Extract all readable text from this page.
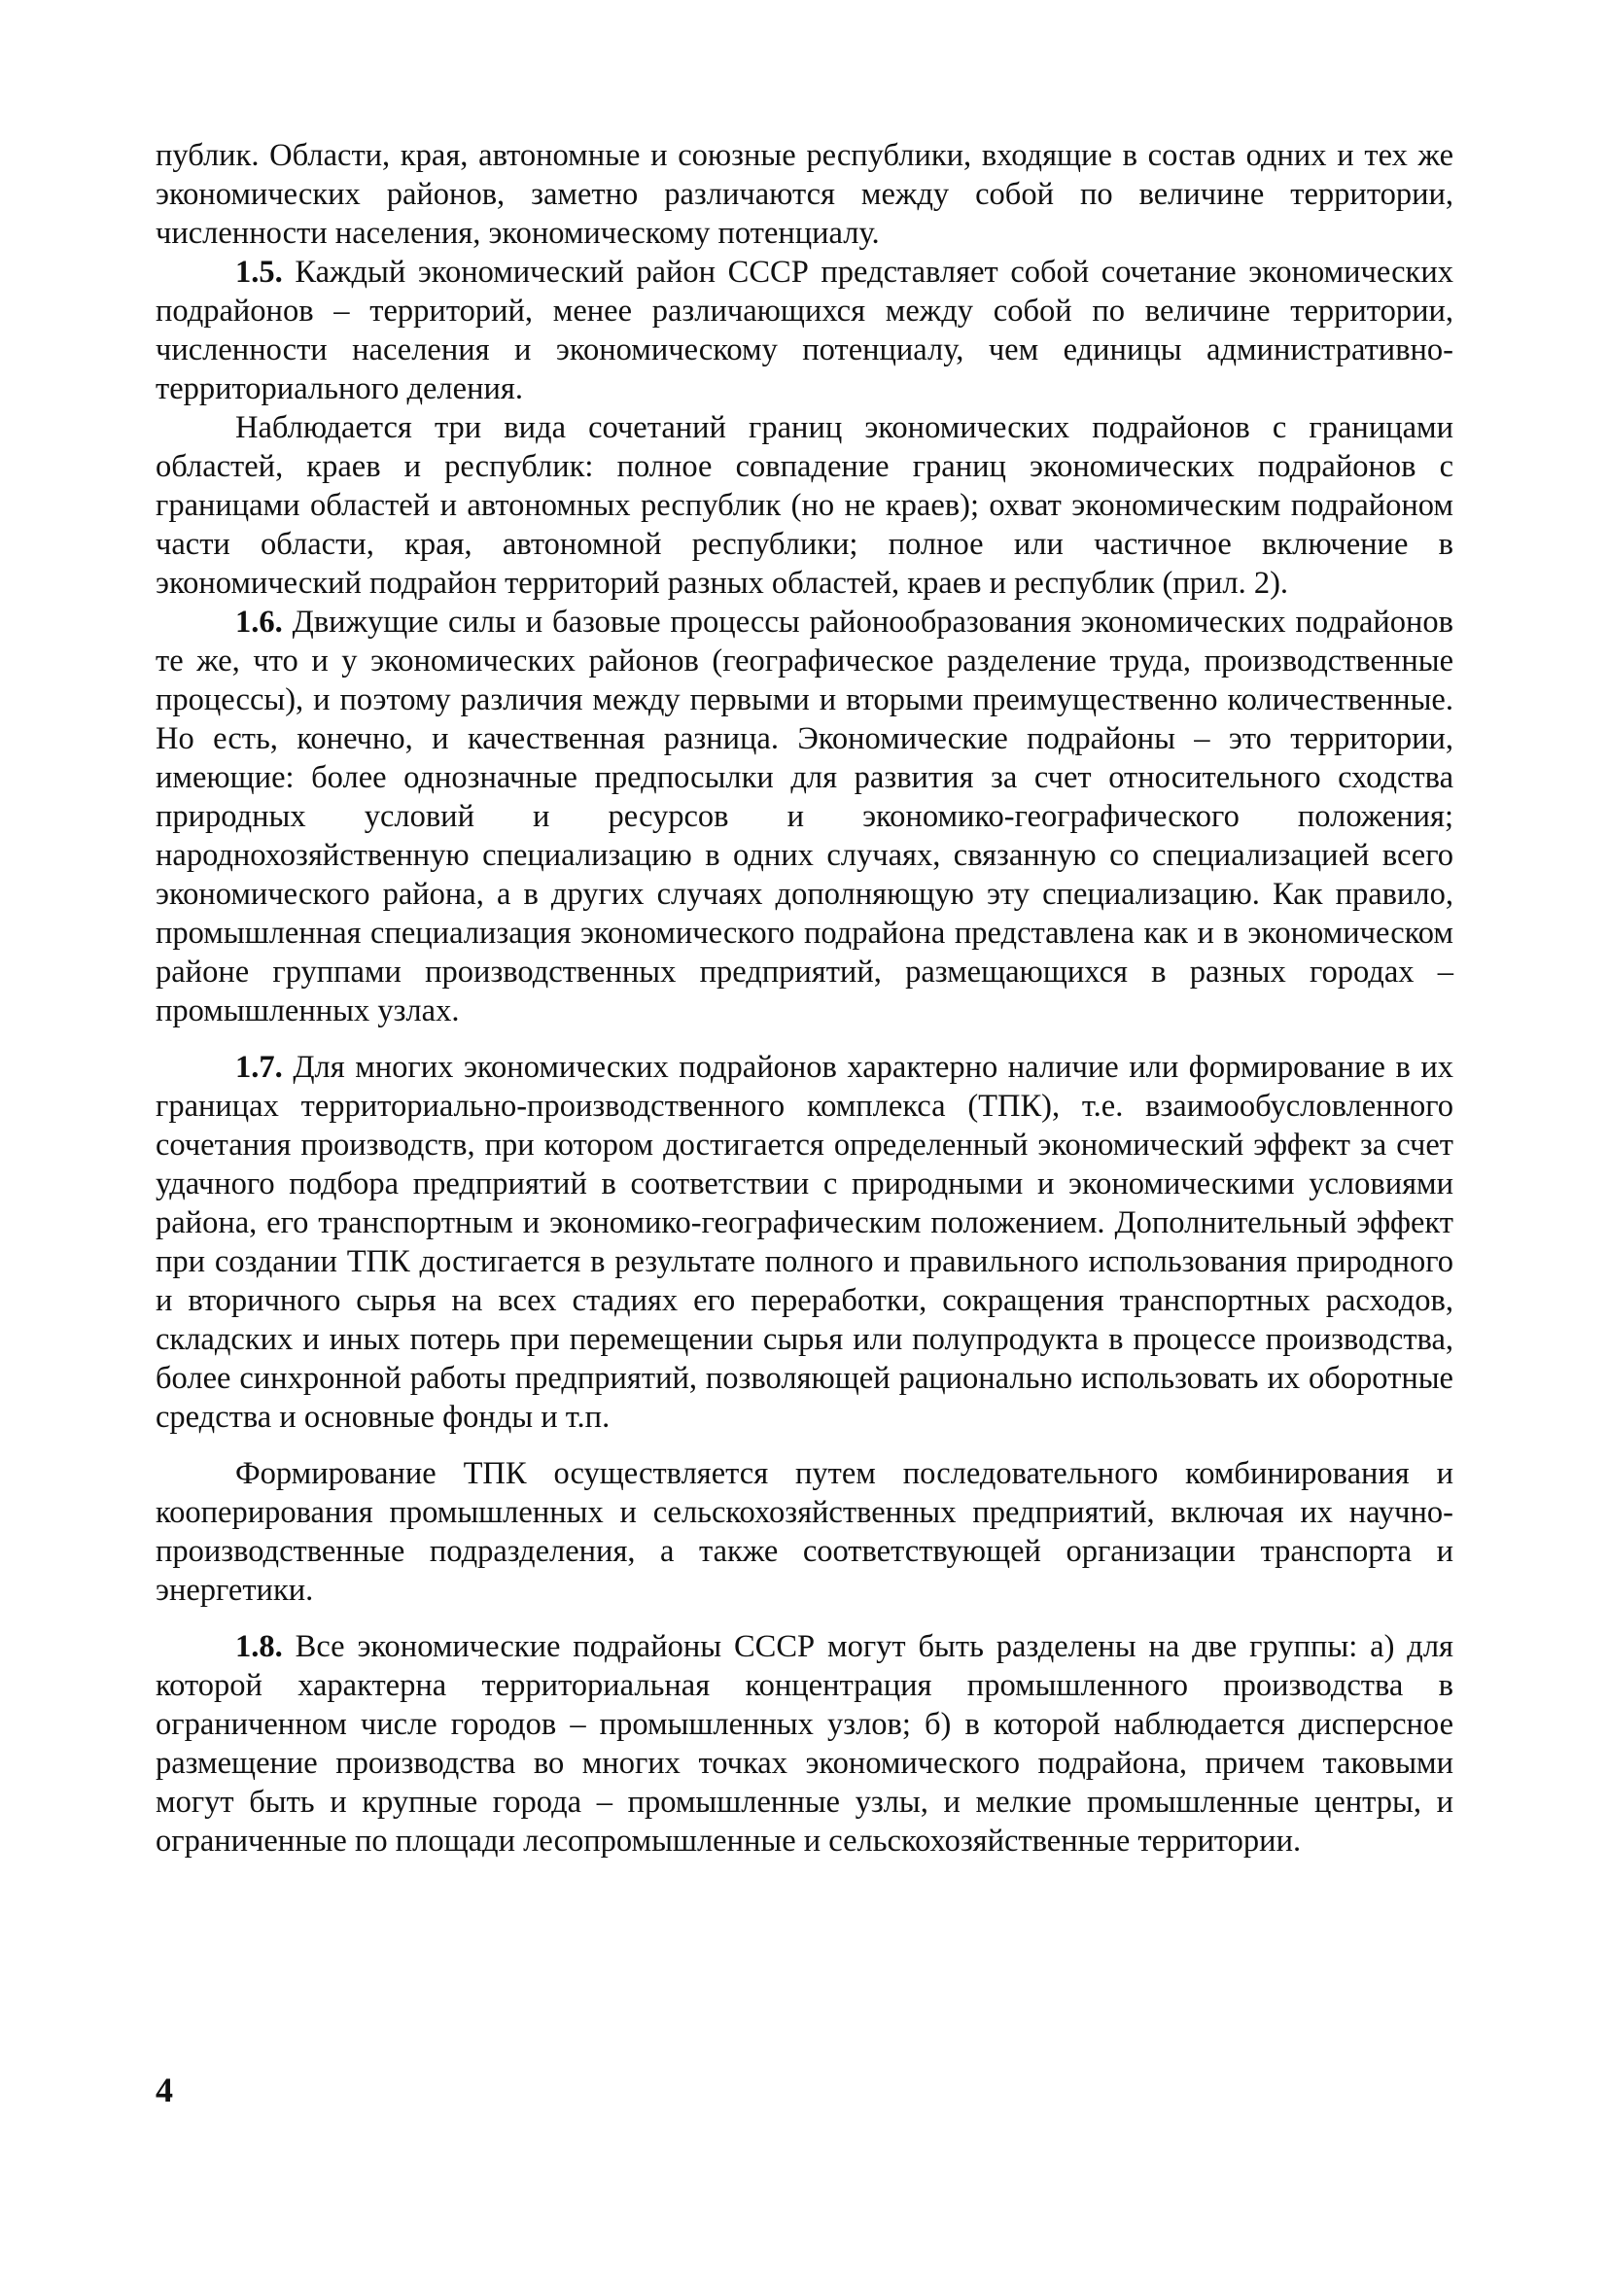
публик. Области, края, автономные и союзные республики, входящие в состав одних и тех же экономических районов, заметно различаются между собой по величине территории, численности населения, экономическому потенциалу.

1.5. Каждый экономический район СССР представляет собой сочетание экономических подрайонов – территорий, менее различающихся между собой по величине территории, численности населения и экономическому потенциалу, чем единицы административно-территориального деления.

Наблюдается три вида сочетаний границ экономических подрайонов с границами областей, краев и республик: полное совпадение границ экономических подрайонов с границами областей и автономных республик (но не краев); охват экономическим подрайоном части области, края, автономной республики; полное или частичное включение в экономический подрайон территорий разных областей, краев и республик (прил. 2).

1.6. Движущие силы и базовые процессы районообразования экономических подрайонов те же, что и у экономических районов (географическое разделение труда, производственные процессы), и поэтому различия между первыми и вторыми преимущественно количественные. Но есть, конечно, и качественная разница. Экономические подрайоны – это территории, имеющие: более однозначные предпосылки для развития за счет относительного сходства природных условий и ресурсов и экономико-географического положения; народнохозяйственную специализацию в одних случаях, связанную со специализацией всего экономического района, а в других случаях дополняющую эту специализацию. Как правило, промышленная специализация экономического подрайона представлена как и в экономическом районе группами производственных предприятий, размещающихся в разных городах – промышленных узлах.

1.7. Для многих экономических подрайонов характерно наличие или формирование в их границах территориально-производственного комплекса (ТПК), т.е. взаимообусловленного сочетания производств, при котором достигается определенный экономический эффект за счет удачного подбора предприятий в соответствии с природными и экономическими условиями района, его транспортным и экономико-географическим положением. Дополнительный эффект при создании ТПК достигается в результате полного и правильного использования природного и вторичного сырья на всех стадиях его переработки, сокращения транспортных расходов, складских и иных потерь при перемещении сырья или полупродукта в процессе производства, более синхронной работы предприятий, позволяющей рационально использовать их оборотные средства и основные фонды и т.п.

Формирование ТПК осуществляется путем последовательного комбинирования и кооперирования промышленных и сельскохозяйственных предприятий, включая их научно-производственные подразделения, а также соответствующей организации транспорта и энергетики.

1.8. Все экономические подрайоны СССР могут быть разделены на две группы: а) для которой характерна территориальная концентрация промышленного производства в ограниченном числе городов – промышленных узлов; б) в которой наблюдается дисперсное размещение производства во многих точках экономического подрайона, причем таковыми могут быть и крупные города – промышленные узлы, и мелкие промышленные центры, и ограниченные по площади лесопромышленные и сельскохозяйственные территории.

4
